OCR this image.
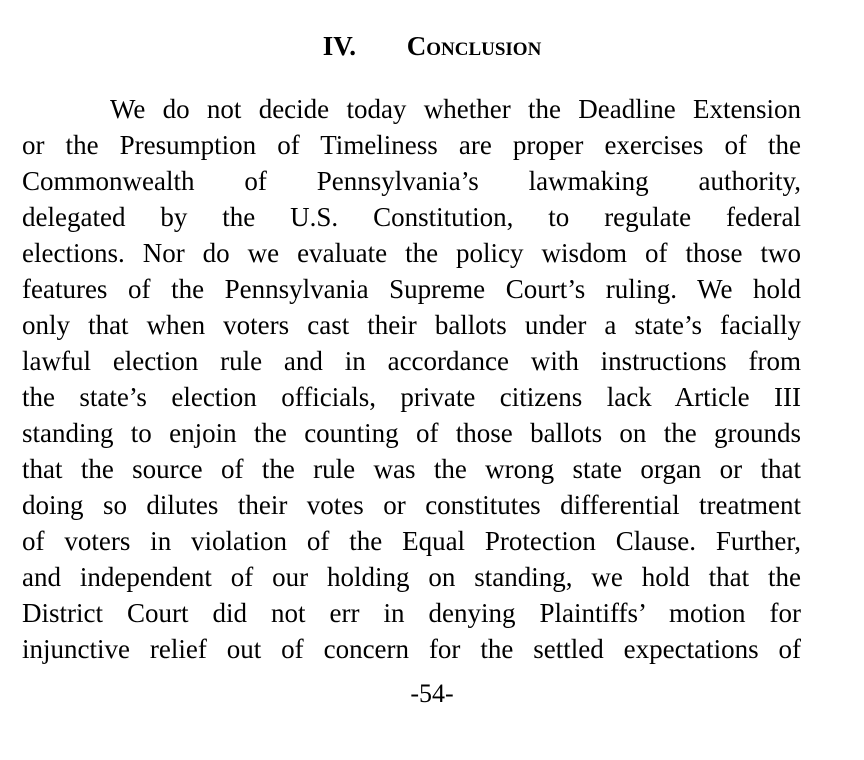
IV. Conclusion
We do not decide today whether the Deadline Extension
or the Presumption of Timeliness are proper exercises of the
Commonwealth of Pennsylvania’s lawmaking authority,
delegated by the U.S. Constitution, to regulate federal
elections. Nor do we evaluate the policy wisdom of those two
features of the Pennsylvania Supreme Court’s ruling. We hold
only that when voters cast their ballots under a state’s facially
lawful election rule and in accordance with instructions from
the state’s election officials, private citizens lack Article III
standing to enjoin the counting of those ballots on the grounds
that the source of the rule was the wrong state organ or that
doing so dilutes their votes or constitutes differential treatment
of voters in violation of the Equal Protection Clause. Further,
and independent of our holding on standing, we hold that the
District Court did not err in denying Plaintiffs’ motion for
injunctive relief out of concern for the settled expectations of
-54-
